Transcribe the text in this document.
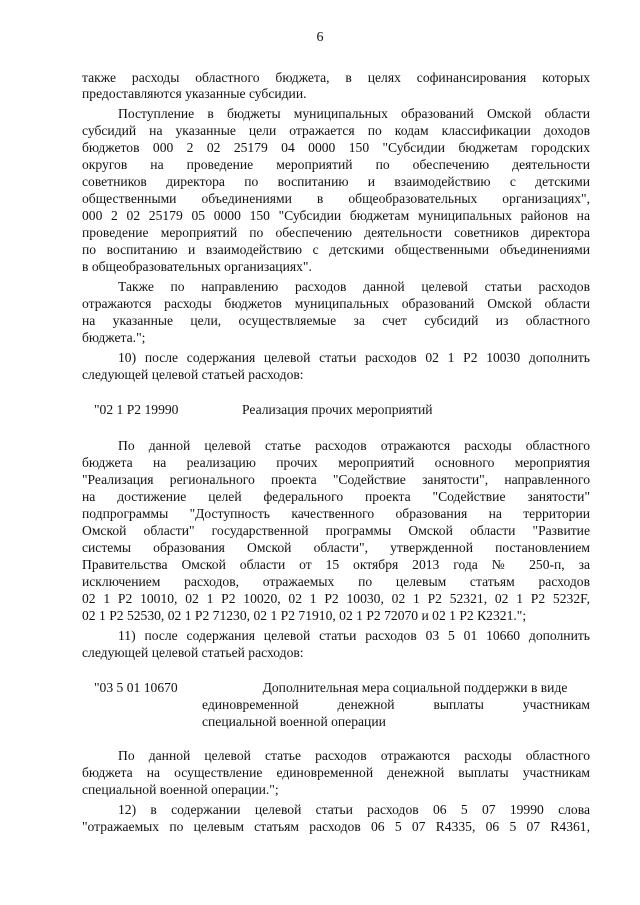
6
также расходы областного бюджета, в целях софинансирования которых
предоставляются указанные субсидии.
Поступление в бюджеты муниципальных образований Омской области
субсидий на указанные цели отражается по кодам классификации доходов
бюджетов 000 2 02 25179 04 0000 150 "Субсидии бюджетам городских
округов на проведение мероприятий по обеспечению деятельности
советников директора по воспитанию и взаимодействию с детскими
общественными объединениями в общеобразовательных организациях",
000 2 02 25179 05 0000 150 "Субсидии бюджетам муниципальных районов на
проведение мероприятий по обеспечению деятельности советников директора
по воспитанию и взаимодействию с детскими общественными объединениями
в общеобразовательных организациях".
Также по направлению расходов данной целевой статьи расходов
отражаются расходы бюджетов муниципальных образований Омской области
на указанные цели, осуществляемые за счет субсидий из областного
бюджета.";
10) после содержания целевой статьи расходов 02 1 Р2 10030 дополнить
следующей целевой статьей расходов:
"02 1 Р2 19990	Реализация прочих мероприятий
По данной целевой статье расходов отражаются расходы областного
бюджета на реализацию прочих мероприятий основного мероприятия
"Реализация регионального проекта "Содействие занятости", направленного
на достижение целей федерального проекта "Содействие занятости"
подпрограммы "Доступность качественного образования на территории
Омской области" государственной программы Омской области "Развитие
системы образования Омской области", утвержденной постановлением
Правительства Омской области от 15 октября 2013 года № 250-п, за
исключением расходов, отражаемых по целевым статьям расходов
02 1 Р2 10010, 02 1 Р2 10020, 02 1 Р2 10030, 02 1 Р2 52321, 02 1 Р2 5232F,
02 1 Р2 52530, 02 1 Р2 71230, 02 1 Р2 71910, 02 1 Р2 72070 и 02 1 Р2 К2321.";
11) после содержания целевой статьи расходов 03 5 01 10660 дополнить
следующей целевой статьей расходов:
"03 5 01 10670	Дополнительная мера социальной поддержки в виде
единовременной денежной выплаты участникам
специальной военной операции
По данной целевой статье расходов отражаются расходы областного
бюджета на осуществление единовременной денежной выплаты участникам
специальной военной операции.";
12) в содержании целевой статьи расходов 06 5 07 19990 слова
"отражаемых по целевым статьям расходов 06 5 07 R4335, 06 5 07 R4361,
